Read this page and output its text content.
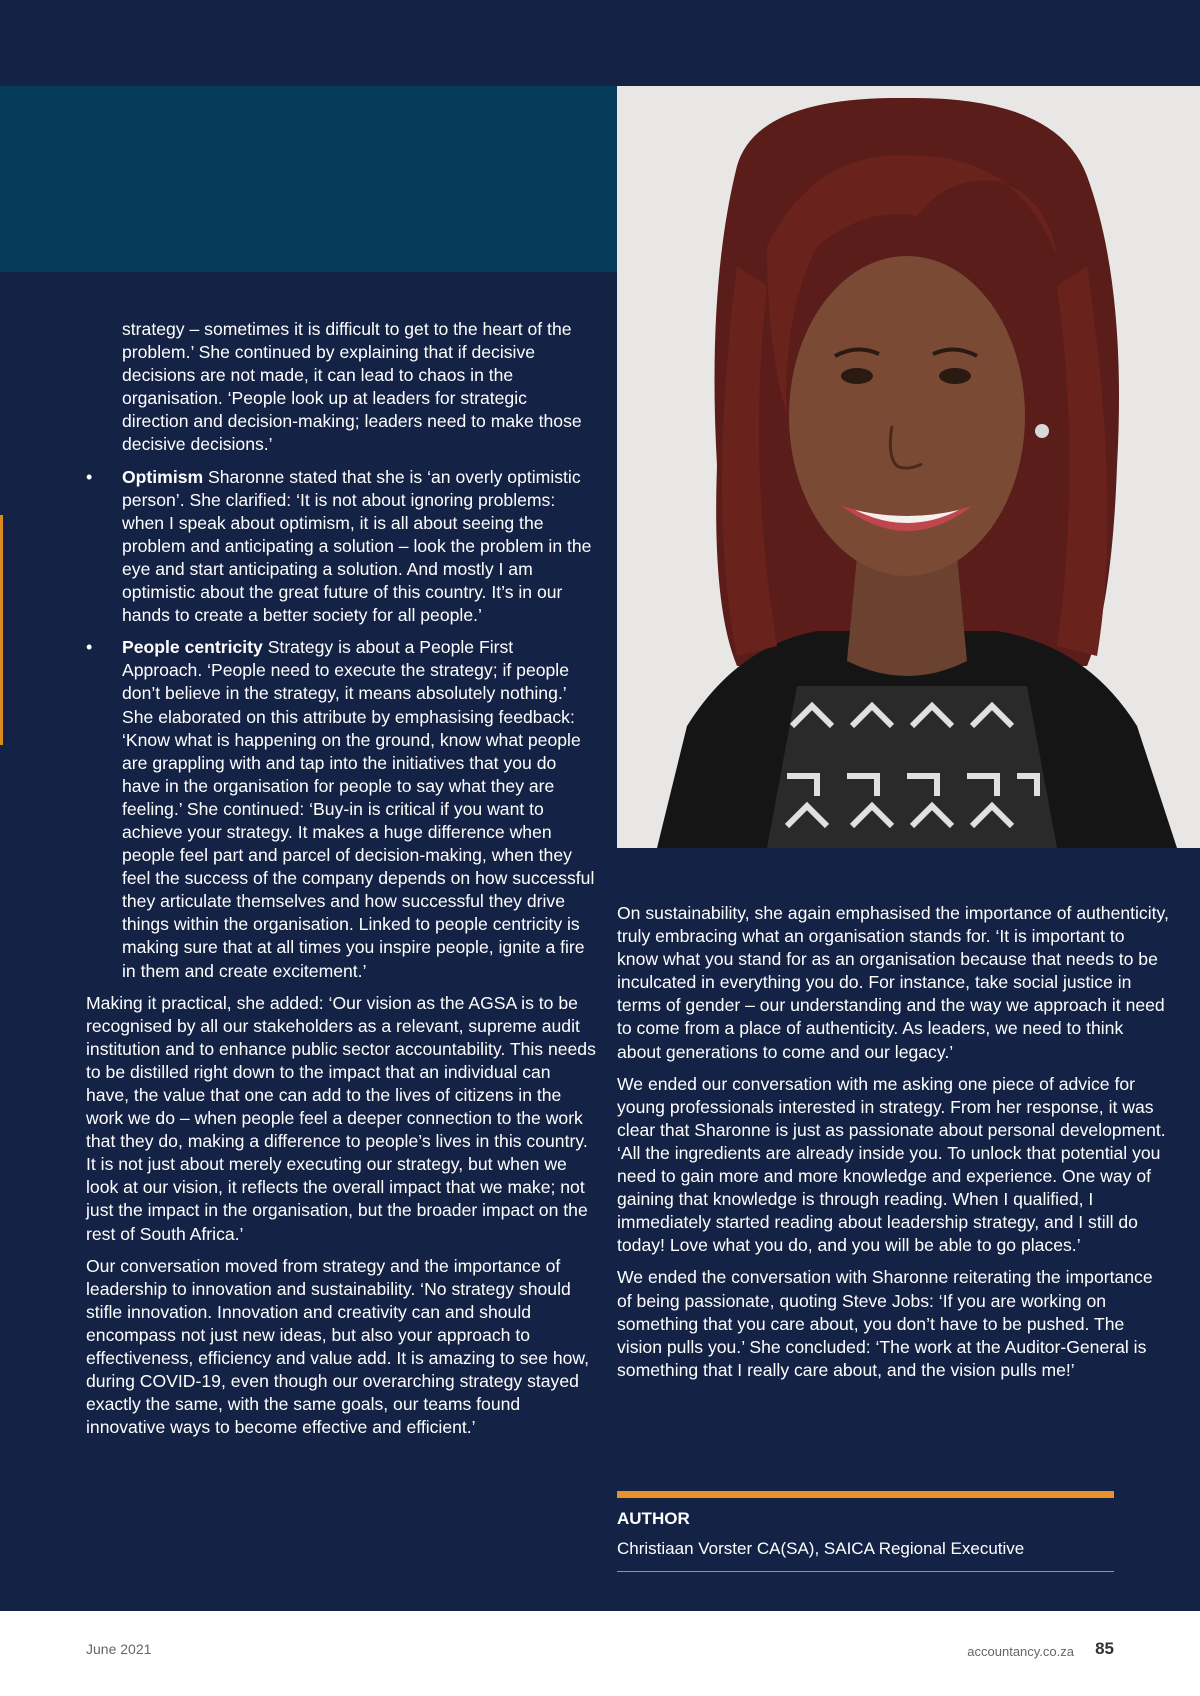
strategy – sometimes it is difficult to get to the heart of the problem.’ She continued by explaining that if decisive decisions are not made, it can lead to chaos in the organisation. ‘People look up at leaders for strategic direction and decision-making; leaders need to make those decisive decisions.’

• Optimism Sharonne stated that she is ‘an overly optimistic person’. She clarified: ‘It is not about ignoring problems: when I speak about optimism, it is all about seeing the problem and anticipating a solution – look the problem in the eye and start anticipating a solution. And mostly I am optimistic about the great future of this country. It’s in our hands to create a better society for all people.’
• People centricity Strategy is about a People First Approach. ‘People need to execute the strategy; if people don’t believe in the strategy, it means absolutely nothing.’ She elaborated on this attribute by emphasising feedback: ‘Know what is happening on the ground, know what people are grappling with and tap into the initiatives that you do have in the organisation for people to say what they are feeling.’ She continued: ‘Buy-in is critical if you want to achieve your strategy. It makes a huge difference when people feel part and parcel of decision-making, when they feel the success of the company depends on how successful they articulate themselves and how successful they drive things within the organisation. Linked to people centricity is making sure that at all times you inspire people, ignite a fire in them and create excitement.’

Making it practical, she added: ‘Our vision as the AGSA is to be recognised by all our stakeholders as a relevant, supreme audit institution and to enhance public sector accountability. This needs to be distilled right down to the impact that an individual can have, the value that one can add to the lives of citizens in the work we do – when people feel a deeper connection to the work that they do, making a difference to people’s lives in this country. It is not just about merely executing our strategy, but when we look at our vision, it reflects the overall impact that we make; not just the impact in the organisation, but the broader impact on the rest of South Africa.’

Our conversation moved from strategy and the importance of leadership to innovation and sustainability. ‘No strategy should stifle innovation. Innovation and creativity can and should encompass not just new ideas, but also your approach to effectiveness, efficiency and value add. It is amazing to see how, during COVID-19, even though our overarching strategy stayed exactly the same, with the same goals, our teams found innovative ways to become effective and efficient.’

On sustainability, she again emphasised the importance of authenticity, truly embracing what an organisation stands for. ‘It is important to know what you stand for as an organisation because that needs to be inculcated in everything you do. For instance, take social justice in terms of gender – our understanding and the way we approach it need to come from a place of authenticity. As leaders, we need to think about generations to come and our legacy.’

We ended our conversation with me asking one piece of advice for young professionals interested in strategy. From her response, it was clear that Sharonne is just as passionate about personal development. ‘All the ingredients are already inside you. To unlock that potential you need to gain more and more knowledge and experience. One way of gaining that knowledge is through reading. When I qualified, I immediately started reading about leadership strategy, and I still do today! Love what you do, and you will be able to go places.’

We ended the conversation with Sharonne reiterating the importance of being passionate, quoting Steve Jobs: ‘If you are working on something that you care about, you don’t have to be pushed. The vision pulls you.’ She concluded: ‘The work at the Auditor-General is something that I really care about, and the vision pulls me!’

AUTHOR
Christiaan Vorster CA(SA), SAICA Regional Executive
June 2021	accountancy.co.za 85
